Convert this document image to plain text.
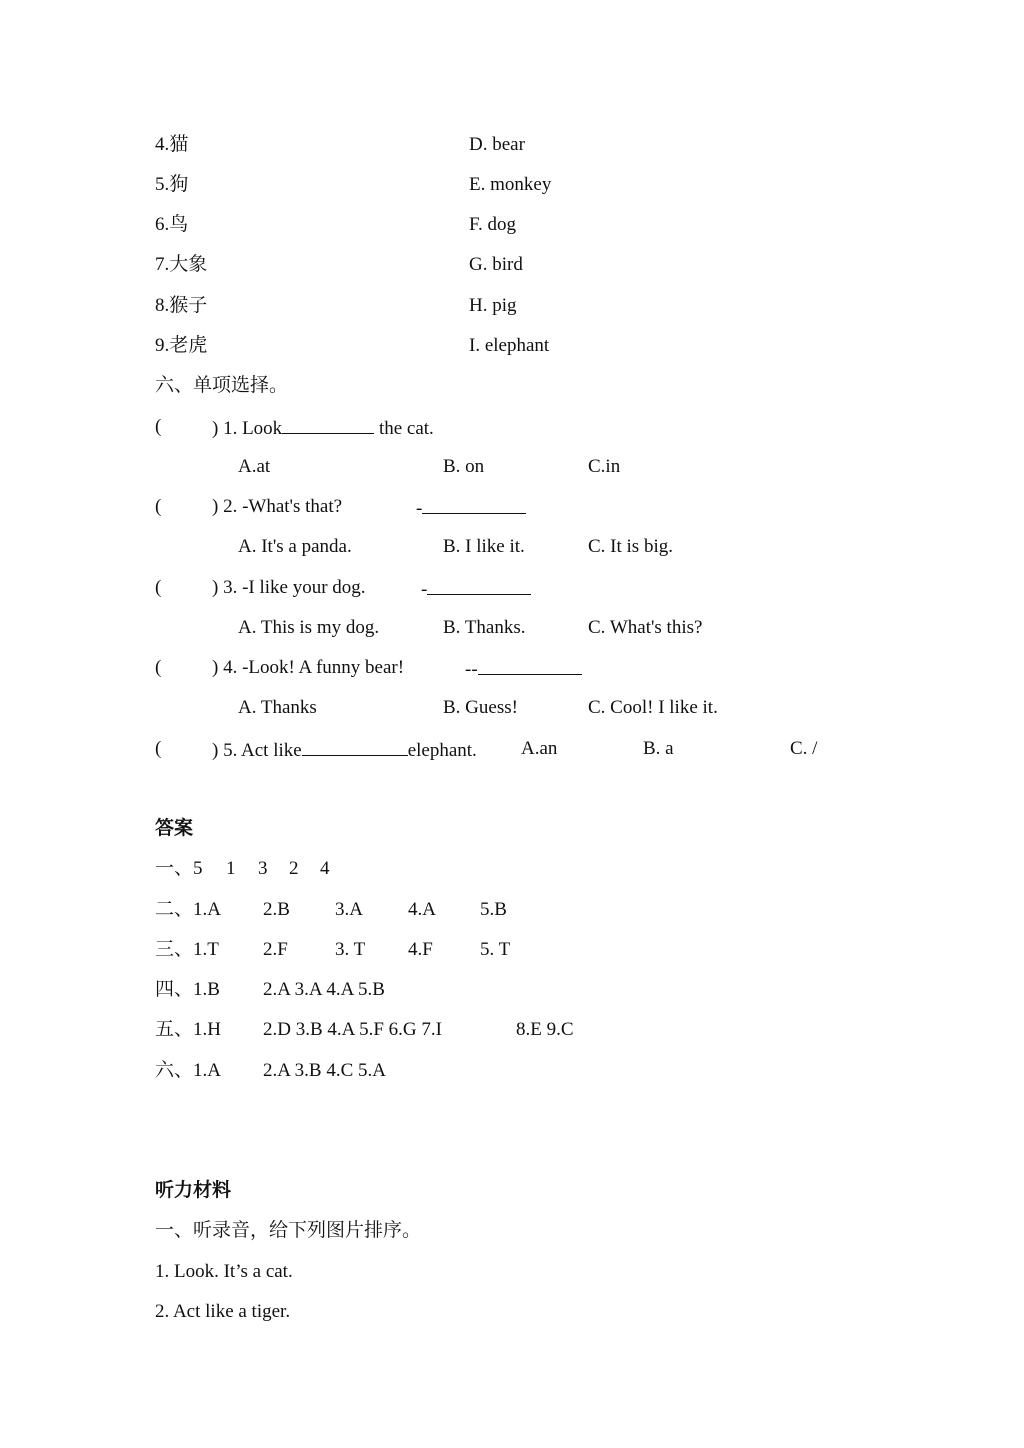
4.猫	D. bear
5.狗	E. monkey
6.鸟	F. dog
7.大象	G. bird
8.猴子	H. pig
9.老虎	I. elephant
六、单项选择。
(	) 1. Look	the cat.
A.at	B. on	C.in
(	) 2. -What's that?	-
A. It's a panda.	B. I like it.	C. It is big.
(	) 3. -I like your dog.	-
A. This is my dog.	B. Thanks.	C. What's this?
(	) 4. -Look! A funny bear!	--
A. Thanks	B. Guess!	C. Cool! I like it.
(	) 5. Act like	elephant. A.an	B. a	C. /
答案
一、5 1 3 2 4
二、1.A 2.B 3.A 4.A 5.B
三、1.T 2.F 3. T 4.F 5. T
四、1.B 2.A 3.A 4.A 5.B
五、1.H 2.D 3.B 4.A 5.F 6.G 7.I	8.E 9.C
六、1.A 2.A 3.B 4.C 5.A
听力材料
一、听录音，给下列图片排序。
1. Look. It’s a cat.
2. Act like a tiger.
